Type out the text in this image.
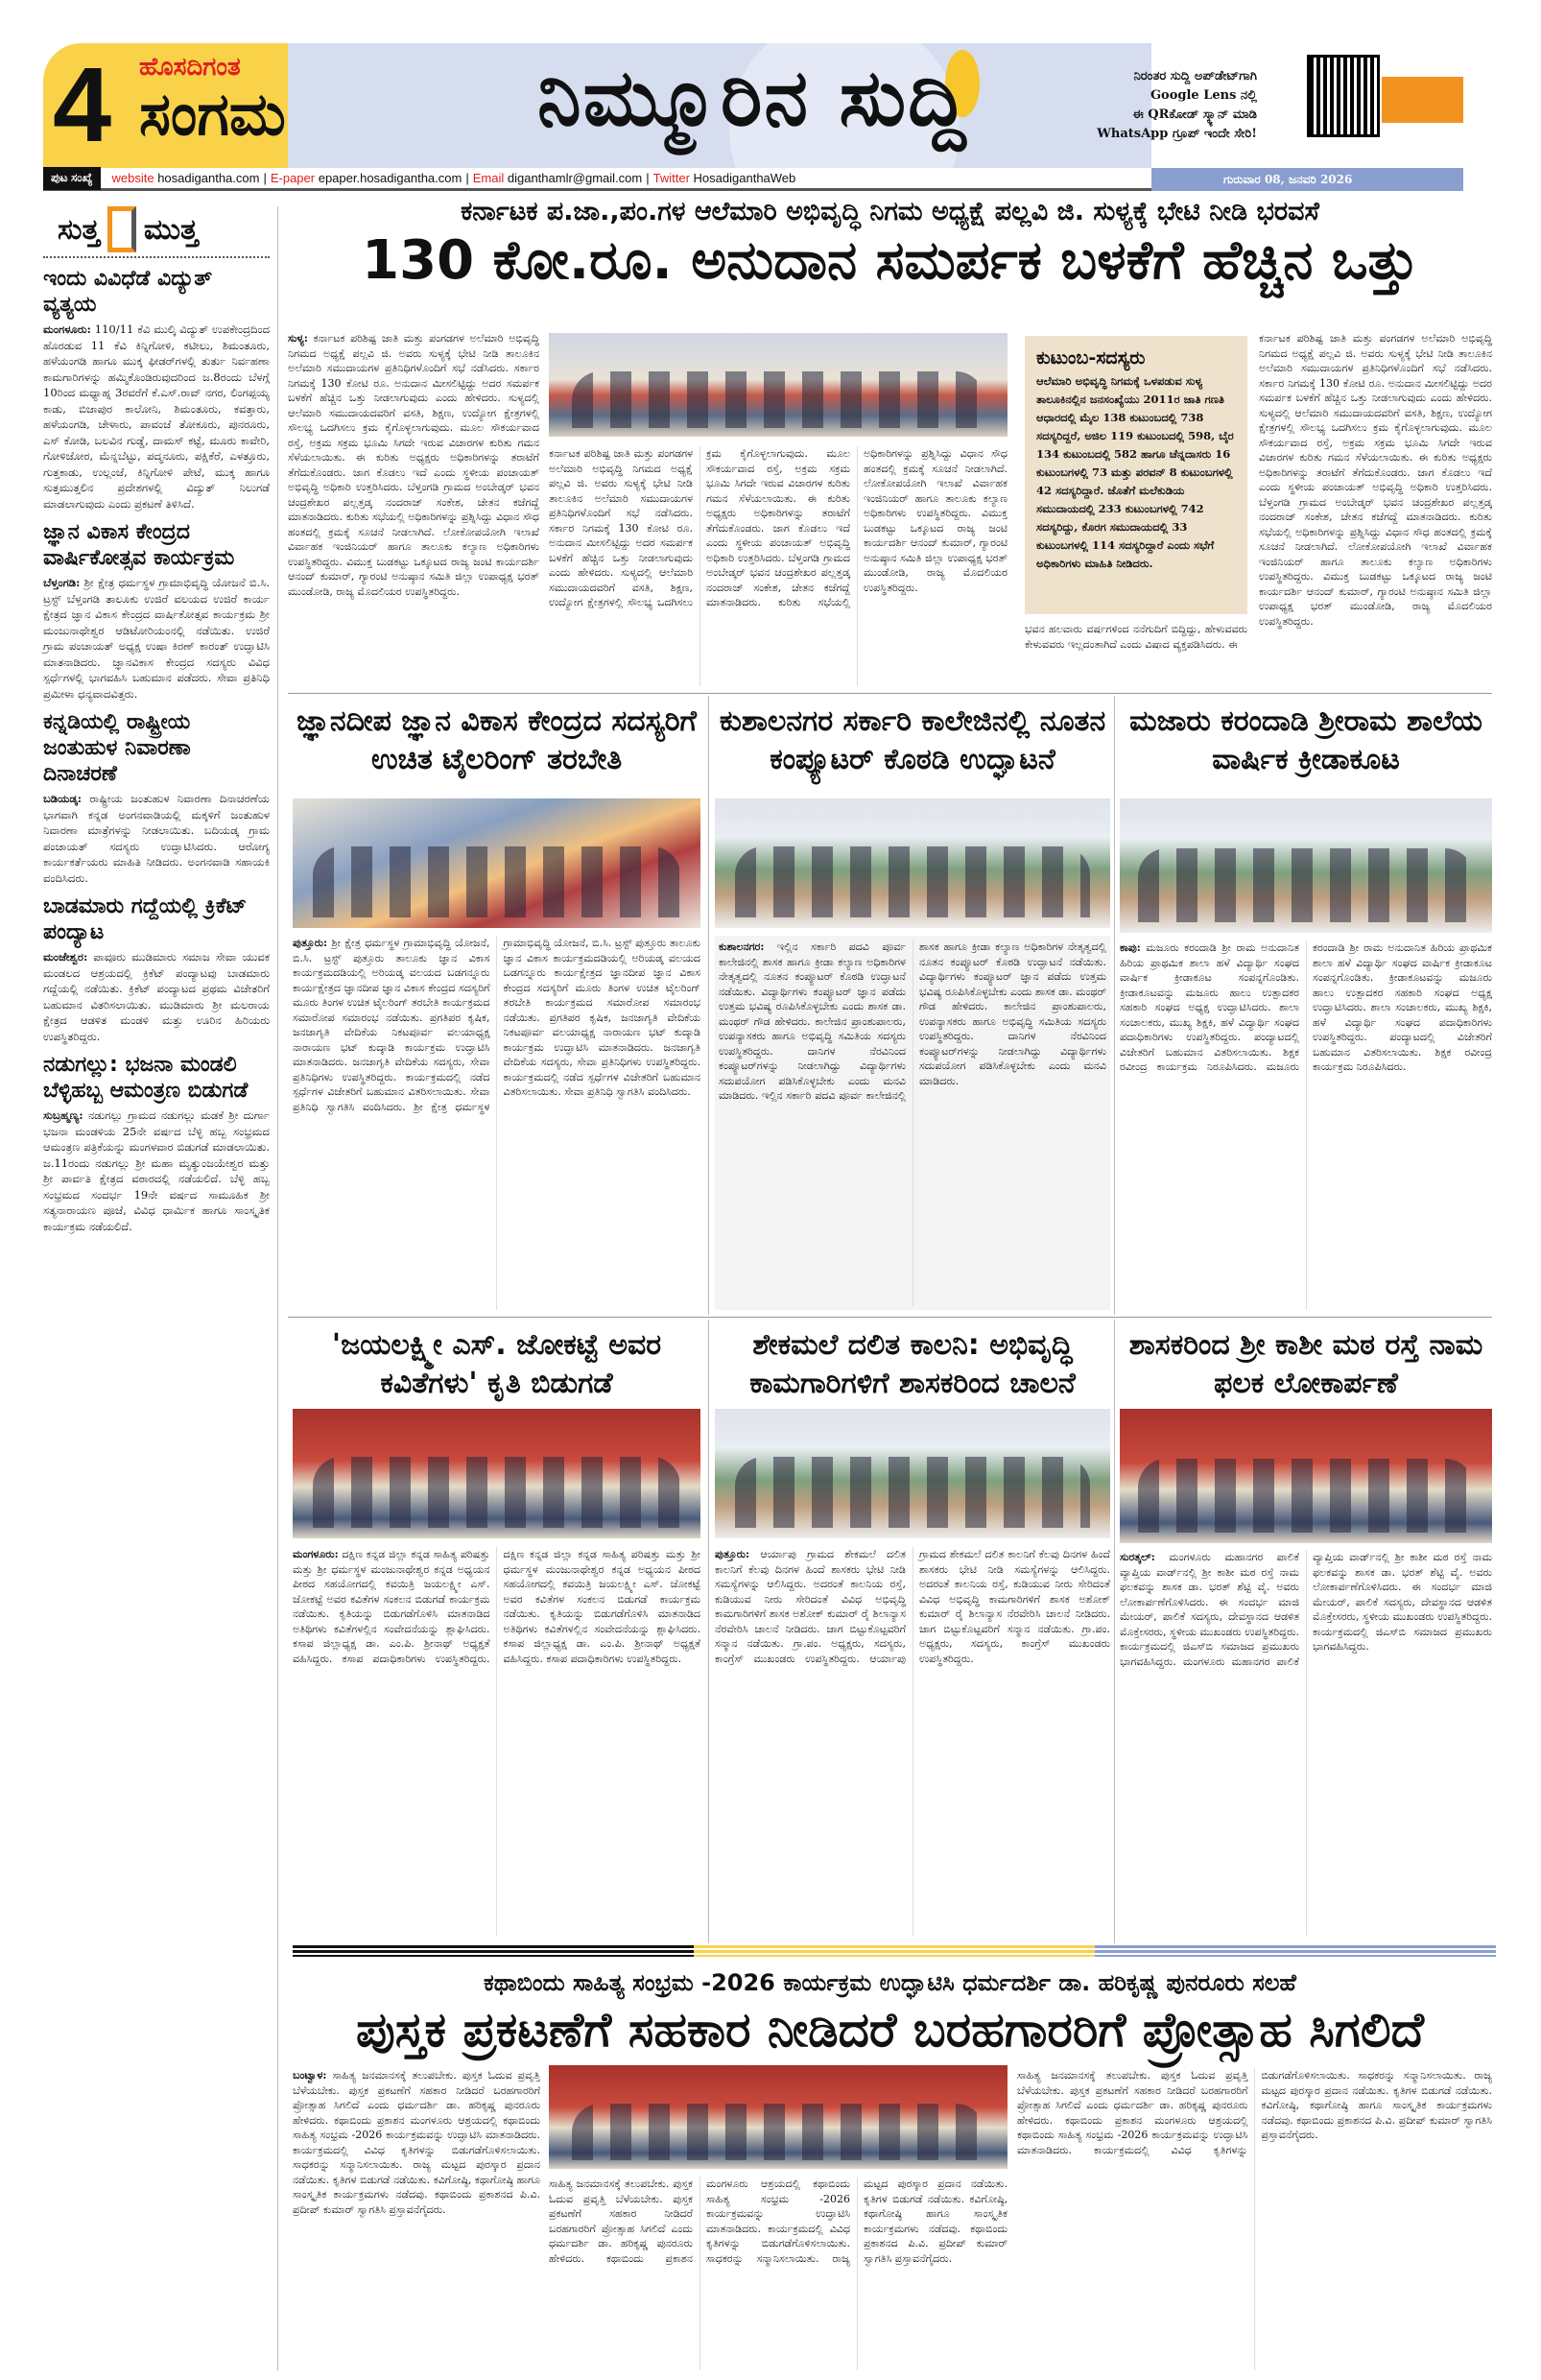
4 ಹೊಸದಿಗಂತ
ಸಂಗಮ	ನಿಮ್ಮೂರಿನ ಸುದ್ದಿ	ನಿರಂತರ ಸುದ್ದಿ ಅಪ್‌ಡೇಟ್‌ಗಾಗಿ
Google Lens ನಲ್ಲಿ
ಈ QRಕೋಡ್ ಸ್ಕ್ಯಾನ್ ಮಾಡಿ
WhatsApp ಗ್ರೂಪ್ ಇಂದೇ ಸೇರಿ!
ಪುಟ ಸಂಖ್ಯೆ	website hosadigantha.com | E-paper epaper.hosadigantha.com | Email diganthamlr@gmail.com | Twitter HosadiganthaWeb	ಗುರುವಾರ 08, ಜನವರಿ 2026
ಸುತ್ತ ಮುತ್ತ
ಇಂದು ವಿವಿಧೆಡೆ ವಿದ್ಯುತ್ ವ್ಯತ್ಯಯ

ಮಂಗಳೂರು: 110/11 ಕೆವಿ ಮುಲ್ಕಿ ವಿದ್ಯುತ್ ಉಪಕೇಂದ್ರದಿಂದ ಹೊರಡುವ 11 ಕೆವಿ ಕಿನ್ನಿಗೋಳಿ, ಕಟೀಲು, ಶಿಮಂತೂರು, ಹಳೆಯಂಗಡಿ ಹಾಗೂ ಮುಕ್ಕ ಫೀಡರ್‌ಗಳಲ್ಲಿ ತುರ್ತು ನಿರ್ವಹಣಾ ಕಾಮಗಾರಿಗಳನ್ನು ಹಮ್ಮಿಕೊಂಡಿರುವುದರಿಂದ ಜ.8ರಂದು ಬೆಳಗ್ಗೆ 10ರಿಂದ ಮಧ್ಯಾಹ್ನ 3ರವರೆಗೆ ಕೆ.ಎಸ್.ರಾವ್ ನಗರ, ಲಿಂಗಪ್ಪಯ್ಯ ಕಾಡು, ಬಿಜಾಪುರ ಕಾಲೋನಿ, ಶಿಮಂತೂರು, ಕವತ್ತಾರು, ಹಳೆಯಂಗಡಿ, ಚೇಳಾರು, ಪಾವಂಜೆ ತೋಕೂರು, ಪುನರೂರು, ಎಸ್ ಕೋಡಿ, ಬಲವಿನ ಗುಡ್ಡೆ, ದಾಮಸ್ ಕಟ್ಟೆ, ಮೂರು ಕಾವೇರಿ, ಗೋಳಿಜೋರ, ಮೆನ್ನಬೆಟ್ಟು, ಪದ್ಮನೂರು, ಪಕ್ಷಿಕೆರೆ, ಎಳತ್ತೂರು, ಗುತ್ತಕಾಡು, ಉಲ್ಲಂಜೆ, ಕಿನ್ನಿಗೋಳಿ ಪೇಟೆ, ಮುಕ್ಕ ಹಾಗೂ ಸುತ್ತಮುತ್ತಲಿನ ಪ್ರದೇಶಗಳಲ್ಲಿ ವಿದ್ಯುತ್ ನಿಲುಗಡೆ ಮಾಡಲಾಗುವುದು ಎಂದು ಪ್ರಕಟಣೆ ತಿಳಿಸಿದೆ.

ಜ್ಞಾನ ವಿಕಾಸ ಕೇಂದ್ರದ ವಾರ್ಷಿಕೋತ್ಸವ ಕಾರ್ಯಕ್ರಮ

ಬೆಳ್ತಂಗಡಿ: ಶ್ರೀ ಕ್ಷೇತ್ರ ಧರ್ಮಸ್ಥಳ ಗ್ರಾಮಾಭಿವೃದ್ಧಿ ಯೋಜನೆ ಬಿ.ಸಿ. ಟ್ರಸ್ಟ್ ಬೆಳ್ತಂಗಡಿ ತಾಲೂಕು ಉಜಿರೆ ವಲಯದ ಉಜಿರೆ ಕಾರ್ಯ ಕ್ಷೇತ್ರದ ಜ್ಞಾನ ವಿಕಾಸ ಕೇಂದ್ರದ ವಾರ್ಷಿಕೋತ್ಸವ ಕಾರ್ಯಕ್ರಮ ಶ್ರೀ ಮಂಜುನಾಥೇಶ್ವರ ಆಡಿಟೋರಿಯಂನಲ್ಲಿ ನಡೆಯಿತು. ಉಜಿರೆ ಗ್ರಾಮ ಪಂಚಾಯತ್ ಅಧ್ಯಕ್ಷ ಉಷಾ ಕಿರಣ್ ಕಾರಂತ್ ಉದ್ಘಾಟಿಸಿ ಮಾತನಾಡಿದರು. ಜ್ಞಾನವಿಕಾಸ ಕೇಂದ್ರದ ಸದಸ್ಯರು ವಿವಿಧ ಸ್ಪರ್ಧೆಗಳಲ್ಲಿ ಭಾಗವಹಿಸಿ ಬಹುಮಾನ ಪಡೆದರು. ಸೇವಾ ಪ್ರತಿನಿಧಿ ಪ್ರಮೀಳಾ ಧನ್ಯವಾದವಿತ್ತರು.

ಕನ್ನಡಿಯಲ್ಲಿ ರಾಷ್ಟ್ರೀಯ ಜಂತುಹುಳ ನಿವಾರಣಾ ದಿನಾಚರಣೆ

ಬಡಿಯಡ್ಕ: ರಾಷ್ಟ್ರೀಯ ಜಂತುಹುಳ ನಿವಾರಣಾ ದಿನಾಚರಣೆಯ ಭಾಗವಾಗಿ ಕನ್ನಡ ಅಂಗನವಾಡಿಯಲ್ಲಿ ಮಕ್ಕಳಿಗೆ ಜಂತುಹುಳ ನಿವಾರಣಾ ಮಾತ್ರೆಗಳನ್ನು ನೀಡಲಾಯಿತು. ಬದಿಯಡ್ಕ ಗ್ರಾಮ ಪಂಚಾಯತ್ ಸದಸ್ಯರು ಉದ್ಘಾಟಿಸಿದರು. ಆರೋಗ್ಯ ಕಾರ್ಯಕರ್ತೆಯರು ಮಾಹಿತಿ ನೀಡಿದರು. ಅಂಗನವಾಡಿ ಸಹಾಯಕಿ ವಂದಿಸಿದರು.

ಬಾಡಮಾರು ಗದ್ದೆಯಲ್ಲಿ ಕ್ರಿಕೆಟ್ ಪಂದ್ಯಾಟ

ಮಂಜೇಶ್ವರ: ಪಾವೂರು ಮುಡಿಮಾರು ಸಮಾಜ ಸೇವಾ ಯುವಕ ಮಂಡಲದ ಆಶ್ರಯದಲ್ಲಿ ಕ್ರಿಕೆಟ್ ಪಂದ್ಯಾಟವು ಬಾಡಮಾರು ಗದ್ದೆಯಲ್ಲಿ ನಡೆಯಿತು. ಕ್ರಿಕೆಟ್ ಪಂದ್ಯಾಟದ ಪ್ರಥಮ ವಿಜೇತರಿಗೆ ಬಹುಮಾನ ವಿತರಿಸಲಾಯಿತು. ಮುಡಿಮಾರು ಶ್ರೀ ಮಲರಾಯ ಕ್ಷೇತ್ರದ ಆಡಳಿತ ಮಂಡಳಿ ಮತ್ತು ಊರಿನ ಹಿರಿಯರು ಉಪಸ್ಥಿತರಿದ್ದರು.

ನಡುಗಲ್ಲು: ಭಜನಾ ಮಂಡಲಿ ಬೆಳ್ಳಿಹಬ್ಬ ಆಮಂತ್ರಣ ಬಿಡುಗಡೆ

ಸುಬ್ರಹ್ಮಣ್ಯ: ನಡುಗಲ್ಲು ಗ್ರಾಮದ ನಡುಗಲ್ಲು ಮಡಕೆ ಶ್ರೀ ದುರ್ಗಾ ಭಜನಾ ಮಂಡಳಿಯ 25ನೇ ವರ್ಷದ ಬೆಳ್ಳಿ ಹಬ್ಬ ಸಂಭ್ರಮದ ಆಮಂತ್ರಣ ಪತ್ರಿಕೆಯನ್ನು ಮಂಗಳವಾರ ಬಿಡುಗಡೆ ಮಾಡಲಾಯಿತು. ಜ.11ರಂದು ನಡುಗಲ್ಲು ಶ್ರೀ ಮಹಾ ಮೃತ್ಯುಂಜಯೇಶ್ವರ ಮತ್ತು ಶ್ರೀ ಪಾರ್ವತಿ ಕ್ಷೇತ್ರದ ವಠಾರದಲ್ಲಿ ನಡೆಯಲಿದೆ. ಬೆಳ್ಳಿ ಹಬ್ಬ ಸಂಭ್ರಮದ ಸಂದರ್ಭ 19ನೇ ವರ್ಷದ ಸಾಮೂಹಿಕ ಶ್ರೀ ಸತ್ಯನಾರಾಯಣ ಪೂಜೆ, ವಿವಿಧ ಧಾರ್ಮಿಕ ಹಾಗೂ ಸಾಂಸ್ಕೃತಿಕ ಕಾರ್ಯಕ್ರಮ ನಡೆಯಲಿದೆ.

ಕರ್ನಾಟಕ ಪ.ಜಾ.,ಪಂ.ಗಳ ಆಲೆಮಾರಿ ಅಭಿವೃದ್ಧಿ ನಿಗಮ ಅಧ್ಯಕ್ಷೆ ಪಲ್ಲವಿ ಜಿ. ಸುಳ್ಯಕ್ಕೆ ಭೇಟಿ ನೀಡಿ ಭರವಸೆ
130 ಕೋ.ರೂ. ಅನುದಾನ ಸಮರ್ಪಕ ಬಳಕೆಗೆ ಹೆಚ್ಚಿನ ಒತ್ತು
ಸುಳ್ಯ: ಕರ್ನಾಟಕ ಪರಿಶಿಷ್ಟ ಜಾತಿ ಮತ್ತು ಪಂಗಡಗಳ ಅಲೆಮಾರಿ ಅಭಿವೃದ್ಧಿ ನಿಗಮದ ಅಧ್ಯಕ್ಷೆ ಪಲ್ಲವಿ ಜಿ. ಅವರು ಸುಳ್ಯಕ್ಕೆ ಭೇಟಿ ನೀಡಿ ತಾಲೂಕಿನ ಅಲೆಮಾರಿ ಸಮುದಾಯಗಳ ಪ್ರತಿನಿಧಿಗಳೊಂದಿಗೆ ಸಭೆ ನಡೆಸಿದರು. ಸರ್ಕಾರ ನಿಗಮಕ್ಕೆ 130 ಕೋಟಿ ರೂ. ಅನುದಾನ ಮೀಸಲಿಟ್ಟಿದ್ದು ಅದರ ಸಮರ್ಪಕ ಬಳಕೆಗೆ ಹೆಚ್ಚಿನ ಒತ್ತು ನೀಡಲಾಗುವುದು ಎಂದು ಹೇಳಿದರು. ಸುಳ್ಯದಲ್ಲಿ ಆಲೆಮಾರಿ ಸಮುದಾಯದವರಿಗೆ ವಸತಿ, ಶಿಕ್ಷಣ, ಉದ್ಯೋಗ ಕ್ಷೇತ್ರಗಳಲ್ಲಿ ಸೌಲಭ್ಯ ಒದಗಿಸಲು ಕ್ರಮ ಕೈಗೊಳ್ಳಲಾಗುವುದು. ಮೂಲ ಸೌಕರ್ಯವಾದ ರಸ್ತೆ, ಅಕ್ರಮ ಸಕ್ರಮ ಭೂಮಿ ಸಿಗದೇ ಇರುವ ವಿಚಾರಗಳ ಕುರಿತು ಗಮನ ಸೆಳೆಯಲಾಯಿತು. ಈ ಕುರಿತು ಅಧ್ಯಕ್ಷರು ಅಧಿಕಾರಿಗಳನ್ನು ತರಾಟೆಗೆ ತೆಗೆದುಕೊಂಡರು. ಜಾಗ ಕೊಡಲು ಇದೆ ಎಂದು ಸ್ಥಳೀಯ ಪಂಚಾಯತ್ ಅಭಿವೃದ್ಧಿ ಅಧಿಕಾರಿ ಉತ್ತರಿಸಿದರು. ಬೆಳ್ತಂಗಡಿ ಗ್ರಾಮದ ಅಂಬೇಡ್ಕರ್ ಭವನ ಚಂದ್ರಶೇಖರ ಪಲ್ಲತ್ತಡ್ಕ ನಂದರಾಜ್ ಸಂಕೇಶ, ಚೇತನ ಕಜೆಗದ್ದೆ ಮಾತನಾಡಿದರು. ಕುರಿತು ಸಭೆಯಲ್ಲಿ ಅಧಿಕಾರಿಗಳನ್ನು ಪ್ರಶ್ನಿಸಿದ್ದು ವಿಧಾನ ಸೌಧ ಹಂತದಲ್ಲಿ ಕ್ರಮಕ್ಕೆ ಸೂಚನೆ ನೀಡಲಾಗಿದೆ. ಲೋಕೋಪಯೋಗಿ ಇಲಾಖೆ ವಿರ್ವಾಹಕ ಇಂಜಿನಿಯರ್ ಹಾಗೂ ತಾಲೂಕು ಕಲ್ಯಾಣ ಅಧಿಕಾರಿಗಳು ಉಪಸ್ಥಿತರಿದ್ದರು. ವಿಮುಕ್ತ ಬುಡಕಟ್ಟು ಒಕ್ಕೂಟದ ರಾಜ್ಯ ಜಂಟಿ ಕಾರ್ಯದರ್ಶಿ ಆನಂದ್ ಕುಮಾರ್, ಗ್ಯಾರಂಟಿ ಅನುಷ್ಠಾನ ಸಮಿತಿ ಜಿಲ್ಲಾ ಉಪಾಧ್ಯಕ್ಷ ಭರತ್ ಮುಂಡೋಡಿ, ರಾಜ್ಯ ಮೊದಲಿಯರ ಉಪಸ್ಥಿತರಿದ್ದರು.
ಕರ್ನಾಟಕ ಪರಿಶಿಷ್ಟ ಜಾತಿ ಮತ್ತು ಪಂಗಡಗಳ ಅಲೆಮಾರಿ ಅಭಿವೃದ್ಧಿ ನಿಗಮದ ಅಧ್ಯಕ್ಷೆ ಪಲ್ಲವಿ ಜಿ. ಅವರು ಸುಳ್ಯಕ್ಕೆ ಭೇಟಿ ನೀಡಿ ತಾಲೂಕಿನ ಅಲೆಮಾರಿ ಸಮುದಾಯಗಳ ಪ್ರತಿನಿಧಿಗಳೊಂದಿಗೆ ಸಭೆ ನಡೆಸಿದರು. ಸರ್ಕಾರ ನಿಗಮಕ್ಕೆ 130 ಕೋಟಿ ರೂ. ಅನುದಾನ ಮೀಸಲಿಟ್ಟಿದ್ದು ಅದರ ಸಮರ್ಪಕ ಬಳಕೆಗೆ ಹೆಚ್ಚಿನ ಒತ್ತು ನೀಡಲಾಗುವುದು ಎಂದು ಹೇಳಿದರು. ಸುಳ್ಯದಲ್ಲಿ ಆಲೆಮಾರಿ ಸಮುದಾಯದವರಿಗೆ ವಸತಿ, ಶಿಕ್ಷಣ, ಉದ್ಯೋಗ ಕ್ಷೇತ್ರಗಳಲ್ಲಿ ಸೌಲಭ್ಯ ಒದಗಿಸಲು ಕ್ರಮ ಕೈಗೊಳ್ಳಲಾಗುವುದು. ಮೂಲ ಸೌಕರ್ಯವಾದ ರಸ್ತೆ, ಅಕ್ರಮ ಸಕ್ರಮ ಭೂಮಿ ಸಿಗದೇ ಇರುವ ವಿಚಾರಗಳ ಕುರಿತು ಗಮನ ಸೆಳೆಯಲಾಯಿತು. ಈ ಕುರಿತು ಅಧ್ಯಕ್ಷರು ಅಧಿಕಾರಿಗಳನ್ನು ತರಾಟೆಗೆ ತೆಗೆದುಕೊಂಡರು. ಜಾಗ ಕೊಡಲು ಇದೆ ಎಂದು ಸ್ಥಳೀಯ ಪಂಚಾಯತ್ ಅಭಿವೃದ್ಧಿ ಅಧಿಕಾರಿ ಉತ್ತರಿಸಿದರು. ಬೆಳ್ತಂಗಡಿ ಗ್ರಾಮದ ಅಂಬೇಡ್ಕರ್ ಭವನ ಚಂದ್ರಶೇಖರ ಪಲ್ಲತ್ತಡ್ಕ ನಂದರಾಜ್ ಸಂಕೇಶ, ಚೇತನ ಕಜೆಗದ್ದೆ ಮಾತನಾಡಿದರು. ಕುರಿತು ಸಭೆಯಲ್ಲಿ ಅಧಿಕಾರಿಗಳನ್ನು ಪ್ರಶ್ನಿಸಿದ್ದು ವಿಧಾನ ಸೌಧ ಹಂತದಲ್ಲಿ ಕ್ರಮಕ್ಕೆ ಸೂಚನೆ ನೀಡಲಾಗಿದೆ. ಲೋಕೋಪಯೋಗಿ ಇಲಾಖೆ ವಿರ್ವಾಹಕ ಇಂಜಿನಿಯರ್ ಹಾಗೂ ತಾಲೂಕು ಕಲ್ಯಾಣ ಅಧಿಕಾರಿಗಳು ಉಪಸ್ಥಿತರಿದ್ದರು. ವಿಮುಕ್ತ ಬುಡಕಟ್ಟು ಒಕ್ಕೂಟದ ರಾಜ್ಯ ಜಂಟಿ ಕಾರ್ಯದರ್ಶಿ ಆನಂದ್ ಕುಮಾರ್, ಗ್ಯಾರಂಟಿ ಅನುಷ್ಠಾನ ಸಮಿತಿ ಜಿಲ್ಲಾ ಉಪಾಧ್ಯಕ್ಷ ಭರತ್ ಮುಂಡೋಡಿ, ರಾಜ್ಯ ಮೊದಲಿಯರ ಉಪಸ್ಥಿತರಿದ್ದರು.
ಕುಟುಂಬ-ಸದಸ್ಯರು
ಆಲೆಮಾರಿ ಅಭಿವೃದ್ಧಿ ನಿಗಮಕ್ಕೆ ಒಳಪಡುವ ಸುಳ್ಯ ತಾಲೂಕಿನಲ್ಲಿನ ಜನಸಂಖ್ಯೆಯು 2011ರ ಜಾತಿ ಗಣತಿ ಆಧಾರದಲ್ಲಿ ಮೈಲ 138 ಕುಟುಂಬದಲ್ಲಿ 738 ಸದಸ್ಯರಿದ್ದರೆ, ಅಜಿಲ 119 ಕುಟುಂಬದಲ್ಲಿ 598, ಬೈರ 134 ಕುಟುಂಬದಲ್ಲಿ 582 ಹಾಗೂ ಚೆನ್ನದಾಸರು 16 ಕುಟುಂಬಗಳಲ್ಲಿ 73 ಮತ್ತು ಪರವನ್ 8 ಕುಟುಂಬಗಳಲ್ಲಿ 42 ಸದಸ್ಯರಿದ್ದಾರೆ. ಜೊತೆಗೆ ಮಲೆಕುಡಿಯ ಸಮುದಾಯದಲ್ಲಿ 233 ಕುಟುಂಬಗಳಲ್ಲಿ 742 ಸದಸ್ಯರಿದ್ದು, ಕೊರಗ ಸಮುದಾಯದಲ್ಲಿ 33 ಕುಟುಂಬಗಳಲ್ಲಿ 114 ಸದಸ್ಯರಿದ್ದಾರೆ ಎಂದು ಸಭೆಗೆ ಅಧಿಕಾರಿಗಳು ಮಾಹಿತಿ ನೀಡಿದರು.
ಭವನ ಹಲವಾರು ವರ್ಷಗಳಿಂದ ನನೆಗುದಿಗೆ ಬಿದ್ದಿದ್ದು, ಹೇಳುವವರು ಕೇಳುವವರು ಇಲ್ಲದಂತಾಗಿದೆ ಎಂದು ವಿಷಾದ ವ್ಯಕ್ತಪಡಿಸಿದರು. ಈ
ಕರ್ನಾಟಕ ಪರಿಶಿಷ್ಟ ಜಾತಿ ಮತ್ತು ಪಂಗಡಗಳ ಅಲೆಮಾರಿ ಅಭಿವೃದ್ಧಿ ನಿಗಮದ ಅಧ್ಯಕ್ಷೆ ಪಲ್ಲವಿ ಜಿ. ಅವರು ಸುಳ್ಯಕ್ಕೆ ಭೇಟಿ ನೀಡಿ ತಾಲೂಕಿನ ಅಲೆಮಾರಿ ಸಮುದಾಯಗಳ ಪ್ರತಿನಿಧಿಗಳೊಂದಿಗೆ ಸಭೆ ನಡೆಸಿದರು. ಸರ್ಕಾರ ನಿಗಮಕ್ಕೆ 130 ಕೋಟಿ ರೂ. ಅನುದಾನ ಮೀಸಲಿಟ್ಟಿದ್ದು ಅದರ ಸಮರ್ಪಕ ಬಳಕೆಗೆ ಹೆಚ್ಚಿನ ಒತ್ತು ನೀಡಲಾಗುವುದು ಎಂದು ಹೇಳಿದರು. ಸುಳ್ಯದಲ್ಲಿ ಆಲೆಮಾರಿ ಸಮುದಾಯದವರಿಗೆ ವಸತಿ, ಶಿಕ್ಷಣ, ಉದ್ಯೋಗ ಕ್ಷೇತ್ರಗಳಲ್ಲಿ ಸೌಲಭ್ಯ ಒದಗಿಸಲು ಕ್ರಮ ಕೈಗೊಳ್ಳಲಾಗುವುದು. ಮೂಲ ಸೌಕರ್ಯವಾದ ರಸ್ತೆ, ಅಕ್ರಮ ಸಕ್ರಮ ಭೂಮಿ ಸಿಗದೇ ಇರುವ ವಿಚಾರಗಳ ಕುರಿತು ಗಮನ ಸೆಳೆಯಲಾಯಿತು. ಈ ಕುರಿತು ಅಧ್ಯಕ್ಷರು ಅಧಿಕಾರಿಗಳನ್ನು ತರಾಟೆಗೆ ತೆಗೆದುಕೊಂಡರು. ಜಾಗ ಕೊಡಲು ಇದೆ ಎಂದು ಸ್ಥಳೀಯ ಪಂಚಾಯತ್ ಅಭಿವೃದ್ಧಿ ಅಧಿಕಾರಿ ಉತ್ತರಿಸಿದರು. ಬೆಳ್ತಂಗಡಿ ಗ್ರಾಮದ ಅಂಬೇಡ್ಕರ್ ಭವನ ಚಂದ್ರಶೇಖರ ಪಲ್ಲತ್ತಡ್ಕ ನಂದರಾಜ್ ಸಂಕೇಶ, ಚೇತನ ಕಜೆಗದ್ದೆ ಮಾತನಾಡಿದರು. ಕುರಿತು ಸಭೆಯಲ್ಲಿ ಅಧಿಕಾರಿಗಳನ್ನು ಪ್ರಶ್ನಿಸಿದ್ದು ವಿಧಾನ ಸೌಧ ಹಂತದಲ್ಲಿ ಕ್ರಮಕ್ಕೆ ಸೂಚನೆ ನೀಡಲಾಗಿದೆ. ಲೋಕೋಪಯೋಗಿ ಇಲಾಖೆ ವಿರ್ವಾಹಕ ಇಂಜಿನಿಯರ್ ಹಾಗೂ ತಾಲೂಕು ಕಲ್ಯಾಣ ಅಧಿಕಾರಿಗಳು ಉಪಸ್ಥಿತರಿದ್ದರು. ವಿಮುಕ್ತ ಬುಡಕಟ್ಟು ಒಕ್ಕೂಟದ ರಾಜ್ಯ ಜಂಟಿ ಕಾರ್ಯದರ್ಶಿ ಆನಂದ್ ಕುಮಾರ್, ಗ್ಯಾರಂಟಿ ಅನುಷ್ಠಾನ ಸಮಿತಿ ಜಿಲ್ಲಾ ಉಪಾಧ್ಯಕ್ಷ ಭರತ್ ಮುಂಡೋಡಿ, ರಾಜ್ಯ ಮೊದಲಿಯರ ಉಪಸ್ಥಿತರಿದ್ದರು.
ಜ್ಞಾನದೀಪ ಜ್ಞಾನ ವಿಕಾಸ ಕೇಂದ್ರದ ಸದಸ್ಯರಿಗೆ ಉಚಿತ ಟೈಲರಿಂಗ್ ತರಬೇತಿ
ಪುತ್ತೂರು: ಶ್ರೀ ಕ್ಷೇತ್ರ ಧರ್ಮಸ್ಥಳ ಗ್ರಾಮಾಭಿವೃದ್ಧಿ ಯೋಜನೆ, ಬಿ.ಸಿ. ಟ್ರಸ್ಟ್ ಪುತ್ತೂರು ತಾಲೂಕು ಜ್ಞಾನ ವಿಕಾಸ ಕಾರ್ಯಕ್ರಮದಡಿಯಲ್ಲಿ ಅರಿಯಡ್ಕ ವಲಯದ ಬಡಗನ್ನೂರು ಕಾರ್ಯಕ್ಷೇತ್ರದ ಜ್ಞಾನದೀಪ ಜ್ಞಾನ ವಿಕಾಸ ಕೇಂದ್ರದ ಸದಸ್ಯರಿಗೆ ಮೂರು ತಿಂಗಳ ಉಚಿತ ಟೈಲರಿಂಗ್ ತರಬೇತಿ ಕಾರ್ಯಕ್ರಮದ ಸಮಾರೋಪ ಸಮಾರಂಭ ನಡೆಯಿತು. ಪ್ರಗತಿಪರ ಕೃಷಿಕ, ಜನಜಾಗೃತಿ ವೇದಿಕೆಯ ನಿಕಟಪೂರ್ವ ವಲಯಾಧ್ಯಕ್ಷ ನಾರಾಯಣ ಭಟ್ ಕುದ್ಕಾಡಿ ಕಾರ್ಯಕ್ರಮ ಉದ್ಘಾಟಿಸಿ ಮಾತನಾಡಿದರು. ಜನಜಾಗೃತಿ ವೇದಿಕೆಯ ಸದಸ್ಯರು, ಸೇವಾ ಪ್ರತಿನಿಧಿಗಳು ಉಪಸ್ಥಿತರಿದ್ದರು. ಕಾರ್ಯಕ್ರಮದಲ್ಲಿ ನಡೆದ ಸ್ಪರ್ಧೆಗಳ ವಿಜೇತರಿಗೆ ಬಹುಮಾನ ವಿತರಿಸಲಾಯಿತು. ಸೇವಾ ಪ್ರತಿನಿಧಿ ಸ್ವಾಗತಿಸಿ ವಂದಿಸಿದರು. ಶ್ರೀ ಕ್ಷೇತ್ರ ಧರ್ಮಸ್ಥಳ ಗ್ರಾಮಾಭಿವೃದ್ಧಿ ಯೋಜನೆ, ಬಿ.ಸಿ. ಟ್ರಸ್ಟ್ ಪುತ್ತೂರು ತಾಲೂಕು ಜ್ಞಾನ ವಿಕಾಸ ಕಾರ್ಯಕ್ರಮದಡಿಯಲ್ಲಿ ಅರಿಯಡ್ಕ ವಲಯದ ಬಡಗನ್ನೂರು ಕಾರ್ಯಕ್ಷೇತ್ರದ ಜ್ಞಾನದೀಪ ಜ್ಞಾನ ವಿಕಾಸ ಕೇಂದ್ರದ ಸದಸ್ಯರಿಗೆ ಮೂರು ತಿಂಗಳ ಉಚಿತ ಟೈಲರಿಂಗ್ ತರಬೇತಿ ಕಾರ್ಯಕ್ರಮದ ಸಮಾರೋಪ ಸಮಾರಂಭ ನಡೆಯಿತು. ಪ್ರಗತಿಪರ ಕೃಷಿಕ, ಜನಜಾಗೃತಿ ವೇದಿಕೆಯ ನಿಕಟಪೂರ್ವ ವಲಯಾಧ್ಯಕ್ಷ ನಾರಾಯಣ ಭಟ್ ಕುದ್ಕಾಡಿ ಕಾರ್ಯಕ್ರಮ ಉದ್ಘಾಟಿಸಿ ಮಾತನಾಡಿದರು. ಜನಜಾಗೃತಿ ವೇದಿಕೆಯ ಸದಸ್ಯರು, ಸೇವಾ ಪ್ರತಿನಿಧಿಗಳು ಉಪಸ್ಥಿತರಿದ್ದರು. ಕಾರ್ಯಕ್ರಮದಲ್ಲಿ ನಡೆದ ಸ್ಪರ್ಧೆಗಳ ವಿಜೇತರಿಗೆ ಬಹುಮಾನ ವಿತರಿಸಲಾಯಿತು. ಸೇವಾ ಪ್ರತಿನಿಧಿ ಸ್ವಾಗತಿಸಿ ವಂದಿಸಿದರು.
ಕುಶಾಲನಗರ ಸರ್ಕಾರಿ ಕಾಲೇಜಿನಲ್ಲಿ ನೂತನ ಕಂಪ್ಯೂಟರ್ ಕೊಠಡಿ ಉದ್ಘಾಟನೆ
ಕುಶಾಲನಗರ: ಇಲ್ಲಿನ ಸರ್ಕಾರಿ ಪದವಿ ಪೂರ್ವ ಕಾಲೇಜಿನಲ್ಲಿ ಶಾಸಕ ಹಾಗೂ ಕ್ರೀಡಾ ಕಲ್ಯಾಣ ಅಧಿಕಾರಿಗಳ ನೇತೃತ್ವದಲ್ಲಿ ನೂತನ ಕಂಪ್ಯೂಟರ್ ಕೊಠಡಿ ಉದ್ಘಾಟನೆ ನಡೆಯಿತು. ವಿದ್ಯಾರ್ಥಿಗಳು ಕಂಪ್ಯೂಟರ್ ಜ್ಞಾನ ಪಡೆದು ಉತ್ತಮ ಭವಿಷ್ಯ ರೂಪಿಸಿಕೊಳ್ಳಬೇಕು ಎಂದು ಶಾಸಕ ಡಾ. ಮಂಥರ್ ಗೌಡ ಹೇಳಿದರು. ಕಾಲೇಜಿನ ಪ್ರಾಂಶುಪಾಲರು, ಉಪನ್ಯಾಸಕರು ಹಾಗೂ ಅಭಿವೃದ್ಧಿ ಸಮಿತಿಯ ಸದಸ್ಯರು ಉಪಸ್ಥಿತರಿದ್ದರು. ದಾನಿಗಳ ನೆರವಿನಿಂದ ಕಂಪ್ಯೂಟರ್‌ಗಳನ್ನು ನೀಡಲಾಗಿದ್ದು ವಿದ್ಯಾರ್ಥಿಗಳು ಸದುಪಯೋಗ ಪಡಿಸಿಕೊಳ್ಳಬೇಕು ಎಂದು ಮನವಿ ಮಾಡಿದರು. ಇಲ್ಲಿನ ಸರ್ಕಾರಿ ಪದವಿ ಪೂರ್ವ ಕಾಲೇಜಿನಲ್ಲಿ ಶಾಸಕ ಹಾಗೂ ಕ್ರೀಡಾ ಕಲ್ಯಾಣ ಅಧಿಕಾರಿಗಳ ನೇತೃತ್ವದಲ್ಲಿ ನೂತನ ಕಂಪ್ಯೂಟರ್ ಕೊಠಡಿ ಉದ್ಘಾಟನೆ ನಡೆಯಿತು. ವಿದ್ಯಾರ್ಥಿಗಳು ಕಂಪ್ಯೂಟರ್ ಜ್ಞಾನ ಪಡೆದು ಉತ್ತಮ ಭವಿಷ್ಯ ರೂಪಿಸಿಕೊಳ್ಳಬೇಕು ಎಂದು ಶಾಸಕ ಡಾ. ಮಂಥರ್ ಗೌಡ ಹೇಳಿದರು. ಕಾಲೇಜಿನ ಪ್ರಾಂಶುಪಾಲರು, ಉಪನ್ಯಾಸಕರು ಹಾಗೂ ಅಭಿವೃದ್ಧಿ ಸಮಿತಿಯ ಸದಸ್ಯರು ಉಪಸ್ಥಿತರಿದ್ದರು. ದಾನಿಗಳ ನೆರವಿನಿಂದ ಕಂಪ್ಯೂಟರ್‌ಗಳನ್ನು ನೀಡಲಾಗಿದ್ದು ವಿದ್ಯಾರ್ಥಿಗಳು ಸದುಪಯೋಗ ಪಡಿಸಿಕೊಳ್ಳಬೇಕು ಎಂದು ಮನವಿ ಮಾಡಿದರು.
ಮಜಾರು ಕರಂದಾಡಿ ಶ್ರೀರಾಮ ಶಾಲೆಯ ವಾರ್ಷಿಕ ಕ್ರೀಡಾಕೂಟ
ಕಾಪು: ಮಜೂರು ಕರಂದಾಡಿ ಶ್ರೀ ರಾಮ ಅನುದಾನಿತ ಹಿರಿಯ ಪ್ರಾಥಮಿಕ ಶಾಲಾ ಹಳೆ ವಿದ್ಯಾರ್ಥಿ ಸಂಘದ ವಾರ್ಷಿಕ ಕ್ರೀಡಾಕೂಟ ಸಂಪನ್ನಗೊಂಡಿತು. ಕ್ರೀಡಾಕೂಟವನ್ನು ಮಜೂರು ಹಾಲು ಉತ್ಪಾದಕರ ಸಹಕಾರಿ ಸಂಘದ ಅಧ್ಯಕ್ಷ ಉದ್ಘಾಟಿಸಿದರು. ಶಾಲಾ ಸಂಚಾಲಕರು, ಮುಖ್ಯ ಶಿಕ್ಷಕಿ, ಹಳೆ ವಿದ್ಯಾರ್ಥಿ ಸಂಘದ ಪದಾಧಿಕಾರಿಗಳು ಉಪಸ್ಥಿತರಿದ್ದರು. ಪಂದ್ಯಾಟದಲ್ಲಿ ವಿಜೇತರಿಗೆ ಬಹುಮಾನ ವಿತರಿಸಲಾಯಿತು. ಶಿಕ್ಷಕ ರವೀಂದ್ರ ಕಾರ್ಯಕ್ರಮ ನಿರೂಪಿಸಿದರು. ಮಜೂರು ಕರಂದಾಡಿ ಶ್ರೀ ರಾಮ ಅನುದಾನಿತ ಹಿರಿಯ ಪ್ರಾಥಮಿಕ ಶಾಲಾ ಹಳೆ ವಿದ್ಯಾರ್ಥಿ ಸಂಘದ ವಾರ್ಷಿಕ ಕ್ರೀಡಾಕೂಟ ಸಂಪನ್ನಗೊಂಡಿತು. ಕ್ರೀಡಾಕೂಟವನ್ನು ಮಜೂರು ಹಾಲು ಉತ್ಪಾದಕರ ಸಹಕಾರಿ ಸಂಘದ ಅಧ್ಯಕ್ಷ ಉದ್ಘಾಟಿಸಿದರು. ಶಾಲಾ ಸಂಚಾಲಕರು, ಮುಖ್ಯ ಶಿಕ್ಷಕಿ, ಹಳೆ ವಿದ್ಯಾರ್ಥಿ ಸಂಘದ ಪದಾಧಿಕಾರಿಗಳು ಉಪಸ್ಥಿತರಿದ್ದರು. ಪಂದ್ಯಾಟದಲ್ಲಿ ವಿಜೇತರಿಗೆ ಬಹುಮಾನ ವಿತರಿಸಲಾಯಿತು. ಶಿಕ್ಷಕ ರವೀಂದ್ರ ಕಾರ್ಯಕ್ರಮ ನಿರೂಪಿಸಿದರು.
'ಜಯಲಕ್ಷ್ಮೀ ಎಸ್. ಜೋಕಟ್ಟೆ ಅವರ ಕವಿತೆಗಳು' ಕೃತಿ ಬಿಡುಗಡೆ
ಮಂಗಳೂರು: ದಕ್ಷಿಣ ಕನ್ನಡ ಜಿಲ್ಲಾ ಕನ್ನಡ ಸಾಹಿತ್ಯ ಪರಿಷತ್ತು ಮತ್ತು ಶ್ರೀ ಧರ್ಮಸ್ಥಳ ಮಂಜುನಾಥೇಶ್ವರ ಕನ್ನಡ ಅಧ್ಯಯನ ಪೀಠದ ಸಹಯೋಗದಲ್ಲಿ ಕವಯಿತ್ರಿ ಜಯಲಕ್ಷ್ಮೀ ಎಸ್. ಜೋಕಟ್ಟೆ ಅವರ ಕವಿತೆಗಳ ಸಂಕಲನ ಬಿಡುಗಡೆ ಕಾರ್ಯಕ್ರಮ ನಡೆಯಿತು. ಕೃತಿಯನ್ನು ಬಿಡುಗಡೆಗೊಳಿಸಿ ಮಾತನಾಡಿದ ಅತಿಥಿಗಳು ಕವಿತೆಗಳಲ್ಲಿನ ಸಂವೇದನೆಯನ್ನು ಶ್ಲಾಘಿಸಿದರು. ಕಸಾಪ ಜಿಲ್ಲಾಧ್ಯಕ್ಷ ಡಾ. ಎಂ.ಪಿ. ಶ್ರೀನಾಥ್ ಅಧ್ಯಕ್ಷತೆ ವಹಿಸಿದ್ದರು. ಕಸಾಪ ಪದಾಧಿಕಾರಿಗಳು ಉಪಸ್ಥಿತರಿದ್ದರು. ದಕ್ಷಿಣ ಕನ್ನಡ ಜಿಲ್ಲಾ ಕನ್ನಡ ಸಾಹಿತ್ಯ ಪರಿಷತ್ತು ಮತ್ತು ಶ್ರೀ ಧರ್ಮಸ್ಥಳ ಮಂಜುನಾಥೇಶ್ವರ ಕನ್ನಡ ಅಧ್ಯಯನ ಪೀಠದ ಸಹಯೋಗದಲ್ಲಿ ಕವಯಿತ್ರಿ ಜಯಲಕ್ಷ್ಮೀ ಎಸ್. ಜೋಕಟ್ಟೆ ಅವರ ಕವಿತೆಗಳ ಸಂಕಲನ ಬಿಡುಗಡೆ ಕಾರ್ಯಕ್ರಮ ನಡೆಯಿತು. ಕೃತಿಯನ್ನು ಬಿಡುಗಡೆಗೊಳಿಸಿ ಮಾತನಾಡಿದ ಅತಿಥಿಗಳು ಕವಿತೆಗಳಲ್ಲಿನ ಸಂವೇದನೆಯನ್ನು ಶ್ಲಾಘಿಸಿದರು. ಕಸಾಪ ಜಿಲ್ಲಾಧ್ಯಕ್ಷ ಡಾ. ಎಂ.ಪಿ. ಶ್ರೀನಾಥ್ ಅಧ್ಯಕ್ಷತೆ ವಹಿಸಿದ್ದರು. ಕಸಾಪ ಪದಾಧಿಕಾರಿಗಳು ಉಪಸ್ಥಿತರಿದ್ದರು.
ಶೇಕಮಲೆ ದಲಿತ ಕಾಲನಿ: ಅಭಿವೃದ್ಧಿ ಕಾಮಗಾರಿಗಳಿಗೆ ಶಾಸಕರಿಂದ ಚಾಲನೆ
ಪುತ್ತೂರು: ಆರ್ಯಾಪು ಗ್ರಾಮದ ಶೇಕಮಲೆ ದಲಿತ ಕಾಲನಿಗೆ ಕೆಲವು ದಿನಗಳ ಹಿಂದೆ ಶಾಸಕರು ಭೇಟಿ ನೀಡಿ ಸಮಸ್ಯೆಗಳನ್ನು ಆಲಿಸಿದ್ದರು. ಅದರಂತೆ ಕಾಲನಿಯ ರಸ್ತೆ, ಕುಡಿಯುವ ನೀರು ಸೇರಿದಂತೆ ವಿವಿಧ ಅಭಿವೃದ್ಧಿ ಕಾಮಗಾರಿಗಳಿಗೆ ಶಾಸಕ ಅಶೋಕ್ ಕುಮಾರ್ ರೈ ಶಿಲಾನ್ಯಾಸ ನೆರವೇರಿಸಿ ಚಾಲನೆ ನೀಡಿದರು. ಜಾಗ ಬಿಟ್ಟುಕೊಟ್ಟವರಿಗೆ ಸನ್ಮಾನ ನಡೆಯಿತು. ಗ್ರಾ.ಪಂ. ಅಧ್ಯಕ್ಷರು, ಸದಸ್ಯರು, ಕಾಂಗ್ರೆಸ್ ಮುಖಂಡರು ಉಪಸ್ಥಿತರಿದ್ದರು. ಆರ್ಯಾಪು ಗ್ರಾಮದ ಶೇಕಮಲೆ ದಲಿತ ಕಾಲನಿಗೆ ಕೆಲವು ದಿನಗಳ ಹಿಂದೆ ಶಾಸಕರು ಭೇಟಿ ನೀಡಿ ಸಮಸ್ಯೆಗಳನ್ನು ಆಲಿಸಿದ್ದರು. ಅದರಂತೆ ಕಾಲನಿಯ ರಸ್ತೆ, ಕುಡಿಯುವ ನೀರು ಸೇರಿದಂತೆ ವಿವಿಧ ಅಭಿವೃದ್ಧಿ ಕಾಮಗಾರಿಗಳಿಗೆ ಶಾಸಕ ಅಶೋಕ್ ಕುಮಾರ್ ರೈ ಶಿಲಾನ್ಯಾಸ ನೆರವೇರಿಸಿ ಚಾಲನೆ ನೀಡಿದರು. ಜಾಗ ಬಿಟ್ಟುಕೊಟ್ಟವರಿಗೆ ಸನ್ಮಾನ ನಡೆಯಿತು. ಗ್ರಾ.ಪಂ. ಅಧ್ಯಕ್ಷರು, ಸದಸ್ಯರು, ಕಾಂಗ್ರೆಸ್ ಮುಖಂಡರು ಉಪಸ್ಥಿತರಿದ್ದರು.
ಶಾಸಕರಿಂದ ಶ್ರೀ ಕಾಶೀ ಮಠ ರಸ್ತೆ ನಾಮ ಫಲಕ ಲೋಕಾರ್ಪಣೆ
ಸುರತ್ಕಲ್: ಮಂಗಳೂರು ಮಹಾನಗರ ಪಾಲಿಕೆ ವ್ಯಾಪ್ತಿಯ ವಾರ್ಡ್‌ನಲ್ಲಿ ಶ್ರೀ ಕಾಶೀ ಮಠ ರಸ್ತೆ ನಾಮ ಫಲಕವನ್ನು ಶಾಸಕ ಡಾ. ಭರತ್ ಶೆಟ್ಟಿ ವೈ. ಅವರು ಲೋಕಾರ್ಪಣೆಗೊಳಿಸಿದರು. ಈ ಸಂದರ್ಭ ಮಾಜಿ ಮೇಯರ್, ಪಾಲಿಕೆ ಸದಸ್ಯರು, ದೇವಸ್ಥಾನದ ಆಡಳಿತ ಮೊಕ್ತೇಸರರು, ಸ್ಥಳೀಯ ಮುಖಂಡರು ಉಪಸ್ಥಿತರಿದ್ದರು. ಕಾರ್ಯಕ್ರಮದಲ್ಲಿ ಜಿಎಸ್‌ಬಿ ಸಮಾಜದ ಪ್ರಮುಖರು ಭಾಗವಹಿಸಿದ್ದರು. ಮಂಗಳೂರು ಮಹಾನಗರ ಪಾಲಿಕೆ ವ್ಯಾಪ್ತಿಯ ವಾರ್ಡ್‌ನಲ್ಲಿ ಶ್ರೀ ಕಾಶೀ ಮಠ ರಸ್ತೆ ನಾಮ ಫಲಕವನ್ನು ಶಾಸಕ ಡಾ. ಭರತ್ ಶೆಟ್ಟಿ ವೈ. ಅವರು ಲೋಕಾರ್ಪಣೆಗೊಳಿಸಿದರು. ಈ ಸಂದರ್ಭ ಮಾಜಿ ಮೇಯರ್, ಪಾಲಿಕೆ ಸದಸ್ಯರು, ದೇವಸ್ಥಾನದ ಆಡಳಿತ ಮೊಕ್ತೇಸರರು, ಸ್ಥಳೀಯ ಮುಖಂಡರು ಉಪಸ್ಥಿತರಿದ್ದರು. ಕಾರ್ಯಕ್ರಮದಲ್ಲಿ ಜಿಎಸ್‌ಬಿ ಸಮಾಜದ ಪ್ರಮುಖರು ಭಾಗವಹಿಸಿದ್ದರು.
ಕಥಾಬಿಂದು ಸಾಹಿತ್ಯ ಸಂಭ್ರಮ -2026 ಕಾರ್ಯಕ್ರಮ ಉದ್ಘಾಟಿಸಿ ಧರ್ಮದರ್ಶಿ ಡಾ. ಹರಿಕೃಷ್ಣ ಪುನರೂರು ಸಲಹೆ
ಪುಸ್ತಕ ಪ್ರಕಟಣೆಗೆ ಸಹಕಾರ ನೀಡಿದರೆ ಬರಹಗಾರರಿಗೆ ಪ್ರೋತ್ಸಾಹ ಸಿಗಲಿದೆ
ಬಂಟ್ವಾಳ: ಸಾಹಿತ್ಯ ಜನಮಾನಸಕ್ಕೆ ತಲುಪಬೇಕು. ಪುಸ್ತಕ ಓದುವ ಪ್ರವೃತ್ತಿ ಬೆಳೆಯಬೇಕು. ಪುಸ್ತಕ ಪ್ರಕಟಣೆಗೆ ಸಹಕಾರ ನೀಡಿದರೆ ಬರಹಗಾರರಿಗೆ ಪ್ರೋತ್ಸಾಹ ಸಿಗಲಿದೆ ಎಂದು ಧರ್ಮದರ್ಶಿ ಡಾ. ಹರಿಕೃಷ್ಣ ಪುನರೂರು ಹೇಳಿದರು. ಕಥಾಬಿಂದು ಪ್ರಕಾಶನ ಮಂಗಳೂರು ಆಶ್ರಯದಲ್ಲಿ ಕಥಾಬಿಂದು ಸಾಹಿತ್ಯ ಸಂಭ್ರಮ -2026 ಕಾರ್ಯಕ್ರಮವನ್ನು ಉದ್ಘಾಟಿಸಿ ಮಾತನಾಡಿದರು. ಕಾರ್ಯಕ್ರಮದಲ್ಲಿ ವಿವಿಧ ಕೃತಿಗಳನ್ನು ಬಿಡುಗಡೆಗೊಳಿಸಲಾಯಿತು. ಸಾಧಕರನ್ನು ಸನ್ಮಾನಿಸಲಾಯಿತು. ರಾಜ್ಯ ಮಟ್ಟದ ಪುರಸ್ಕಾರ ಪ್ರದಾನ ನಡೆಯಿತು. ಕೃತಿಗಳ ಬಿಡುಗಡೆ ನಡೆಯಿತು. ಕವಿಗೋಷ್ಠಿ, ಕಥಾಗೋಷ್ಠಿ ಹಾಗೂ ಸಾಂಸ್ಕೃತಿಕ ಕಾರ್ಯಕ್ರಮಗಳು ನಡೆದವು. ಕಥಾಬಿಂದು ಪ್ರಕಾಶನದ ಪಿ.ವಿ. ಪ್ರದೀಪ್ ಕುಮಾರ್ ಸ್ವಾಗತಿಸಿ ಪ್ರಸ್ತಾವನೆಗೈದರು.
ಸಾಹಿತ್ಯ ಜನಮಾನಸಕ್ಕೆ ತಲುಪಬೇಕು. ಪುಸ್ತಕ ಓದುವ ಪ್ರವೃತ್ತಿ ಬೆಳೆಯಬೇಕು. ಪುಸ್ತಕ ಪ್ರಕಟಣೆಗೆ ಸಹಕಾರ ನೀಡಿದರೆ ಬರಹಗಾರರಿಗೆ ಪ್ರೋತ್ಸಾಹ ಸಿಗಲಿದೆ ಎಂದು ಧರ್ಮದರ್ಶಿ ಡಾ. ಹರಿಕೃಷ್ಣ ಪುನರೂರು ಹೇಳಿದರು. ಕಥಾಬಿಂದು ಪ್ರಕಾಶನ ಮಂಗಳೂರು ಆಶ್ರಯದಲ್ಲಿ ಕಥಾಬಿಂದು ಸಾಹಿತ್ಯ ಸಂಭ್ರಮ -2026 ಕಾರ್ಯಕ್ರಮವನ್ನು ಉದ್ಘಾಟಿಸಿ ಮಾತನಾಡಿದರು. ಕಾರ್ಯಕ್ರಮದಲ್ಲಿ ವಿವಿಧ ಕೃತಿಗಳನ್ನು ಬಿಡುಗಡೆಗೊಳಿಸಲಾಯಿತು. ಸಾಧಕರನ್ನು ಸನ್ಮಾನಿಸಲಾಯಿತು. ರಾಜ್ಯ ಮಟ್ಟದ ಪುರಸ್ಕಾರ ಪ್ರದಾನ ನಡೆಯಿತು. ಕೃತಿಗಳ ಬಿಡುಗಡೆ ನಡೆಯಿತು. ಕವಿಗೋಷ್ಠಿ, ಕಥಾಗೋಷ್ಠಿ ಹಾಗೂ ಸಾಂಸ್ಕೃತಿಕ ಕಾರ್ಯಕ್ರಮಗಳು ನಡೆದವು. ಕಥಾಬಿಂದು ಪ್ರಕಾಶನದ ಪಿ.ವಿ. ಪ್ರದೀಪ್ ಕುಮಾರ್ ಸ್ವಾಗತಿಸಿ ಪ್ರಸ್ತಾವನೆಗೈದರು.
ಸಾಹಿತ್ಯ ಜನಮಾನಸಕ್ಕೆ ತಲುಪಬೇಕು. ಪುಸ್ತಕ ಓದುವ ಪ್ರವೃತ್ತಿ ಬೆಳೆಯಬೇಕು. ಪುಸ್ತಕ ಪ್ರಕಟಣೆಗೆ ಸಹಕಾರ ನೀಡಿದರೆ ಬರಹಗಾರರಿಗೆ ಪ್ರೋತ್ಸಾಹ ಸಿಗಲಿದೆ ಎಂದು ಧರ್ಮದರ್ಶಿ ಡಾ. ಹರಿಕೃಷ್ಣ ಪುನರೂರು ಹೇಳಿದರು. ಕಥಾಬಿಂದು ಪ್ರಕಾಶನ ಮಂಗಳೂರು ಆಶ್ರಯದಲ್ಲಿ ಕಥಾಬಿಂದು ಸಾಹಿತ್ಯ ಸಂಭ್ರಮ -2026 ಕಾರ್ಯಕ್ರಮವನ್ನು ಉದ್ಘಾಟಿಸಿ ಮಾತನಾಡಿದರು. ಕಾರ್ಯಕ್ರಮದಲ್ಲಿ ವಿವಿಧ ಕೃತಿಗಳನ್ನು ಬಿಡುಗಡೆಗೊಳಿಸಲಾಯಿತು. ಸಾಧಕರನ್ನು ಸನ್ಮಾನಿಸಲಾಯಿತು. ರಾಜ್ಯ ಮಟ್ಟದ ಪುರಸ್ಕಾರ ಪ್ರದಾನ ನಡೆಯಿತು. ಕೃತಿಗಳ ಬಿಡುಗಡೆ ನಡೆಯಿತು. ಕವಿಗೋಷ್ಠಿ, ಕಥಾಗೋಷ್ಠಿ ಹಾಗೂ ಸಾಂಸ್ಕೃತಿಕ ಕಾರ್ಯಕ್ರಮಗಳು ನಡೆದವು. ಕಥಾಬಿಂದು ಪ್ರಕಾಶನದ ಪಿ.ವಿ. ಪ್ರದೀಪ್ ಕುಮಾರ್ ಸ್ವಾಗತಿಸಿ ಪ್ರಸ್ತಾವನೆಗೈದರು.
